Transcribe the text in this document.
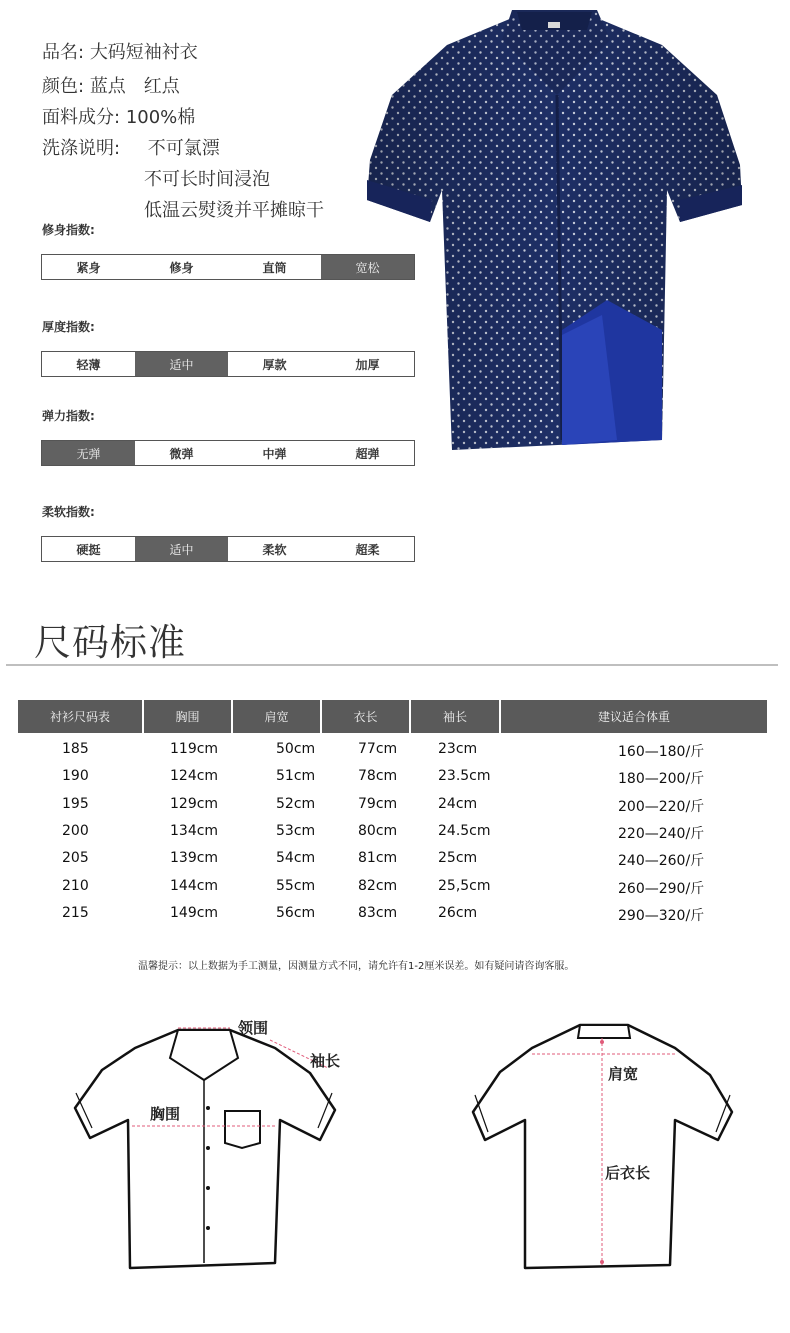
品名: 大码短袖衬衣
颜色: 蓝点　红点
面料成分: 100%棉
洗涤说明: 不可氯漂
不可长时间浸泡
低温云熨烫并平摊晾干
修身指数:
紧身	修身	直筒	宽松
厚度指数:
轻薄	适中	厚款	加厚
弹力指数:
无弹	微弹	中弹	超弹
柔软指数:
硬挺	适中	柔软	超柔
尺码标准
衬衫尺码表	胸围	肩宽	衣长	袖长	建议适合体重
185	119cm	50cm	77cm	23cm	160—180/斤
190	124cm	51cm	78cm	23.5cm	180—200/斤
195	129cm	52cm	79cm	24cm	200—220/斤
200	134cm	53cm	80cm	24.5cm	220—240/斤
205	139cm	54cm	81cm	25cm	240—260/斤
210	144cm	55cm	82cm	25,5cm	260—290/斤
215	149cm	56cm	83cm	26cm	290—320/斤
温馨提示：以上数据为手工测量，因测量方式不同，请允许有1-2厘米误差。如有疑问请咨询客服。
领围
袖长
胸围
肩宽
后衣长
